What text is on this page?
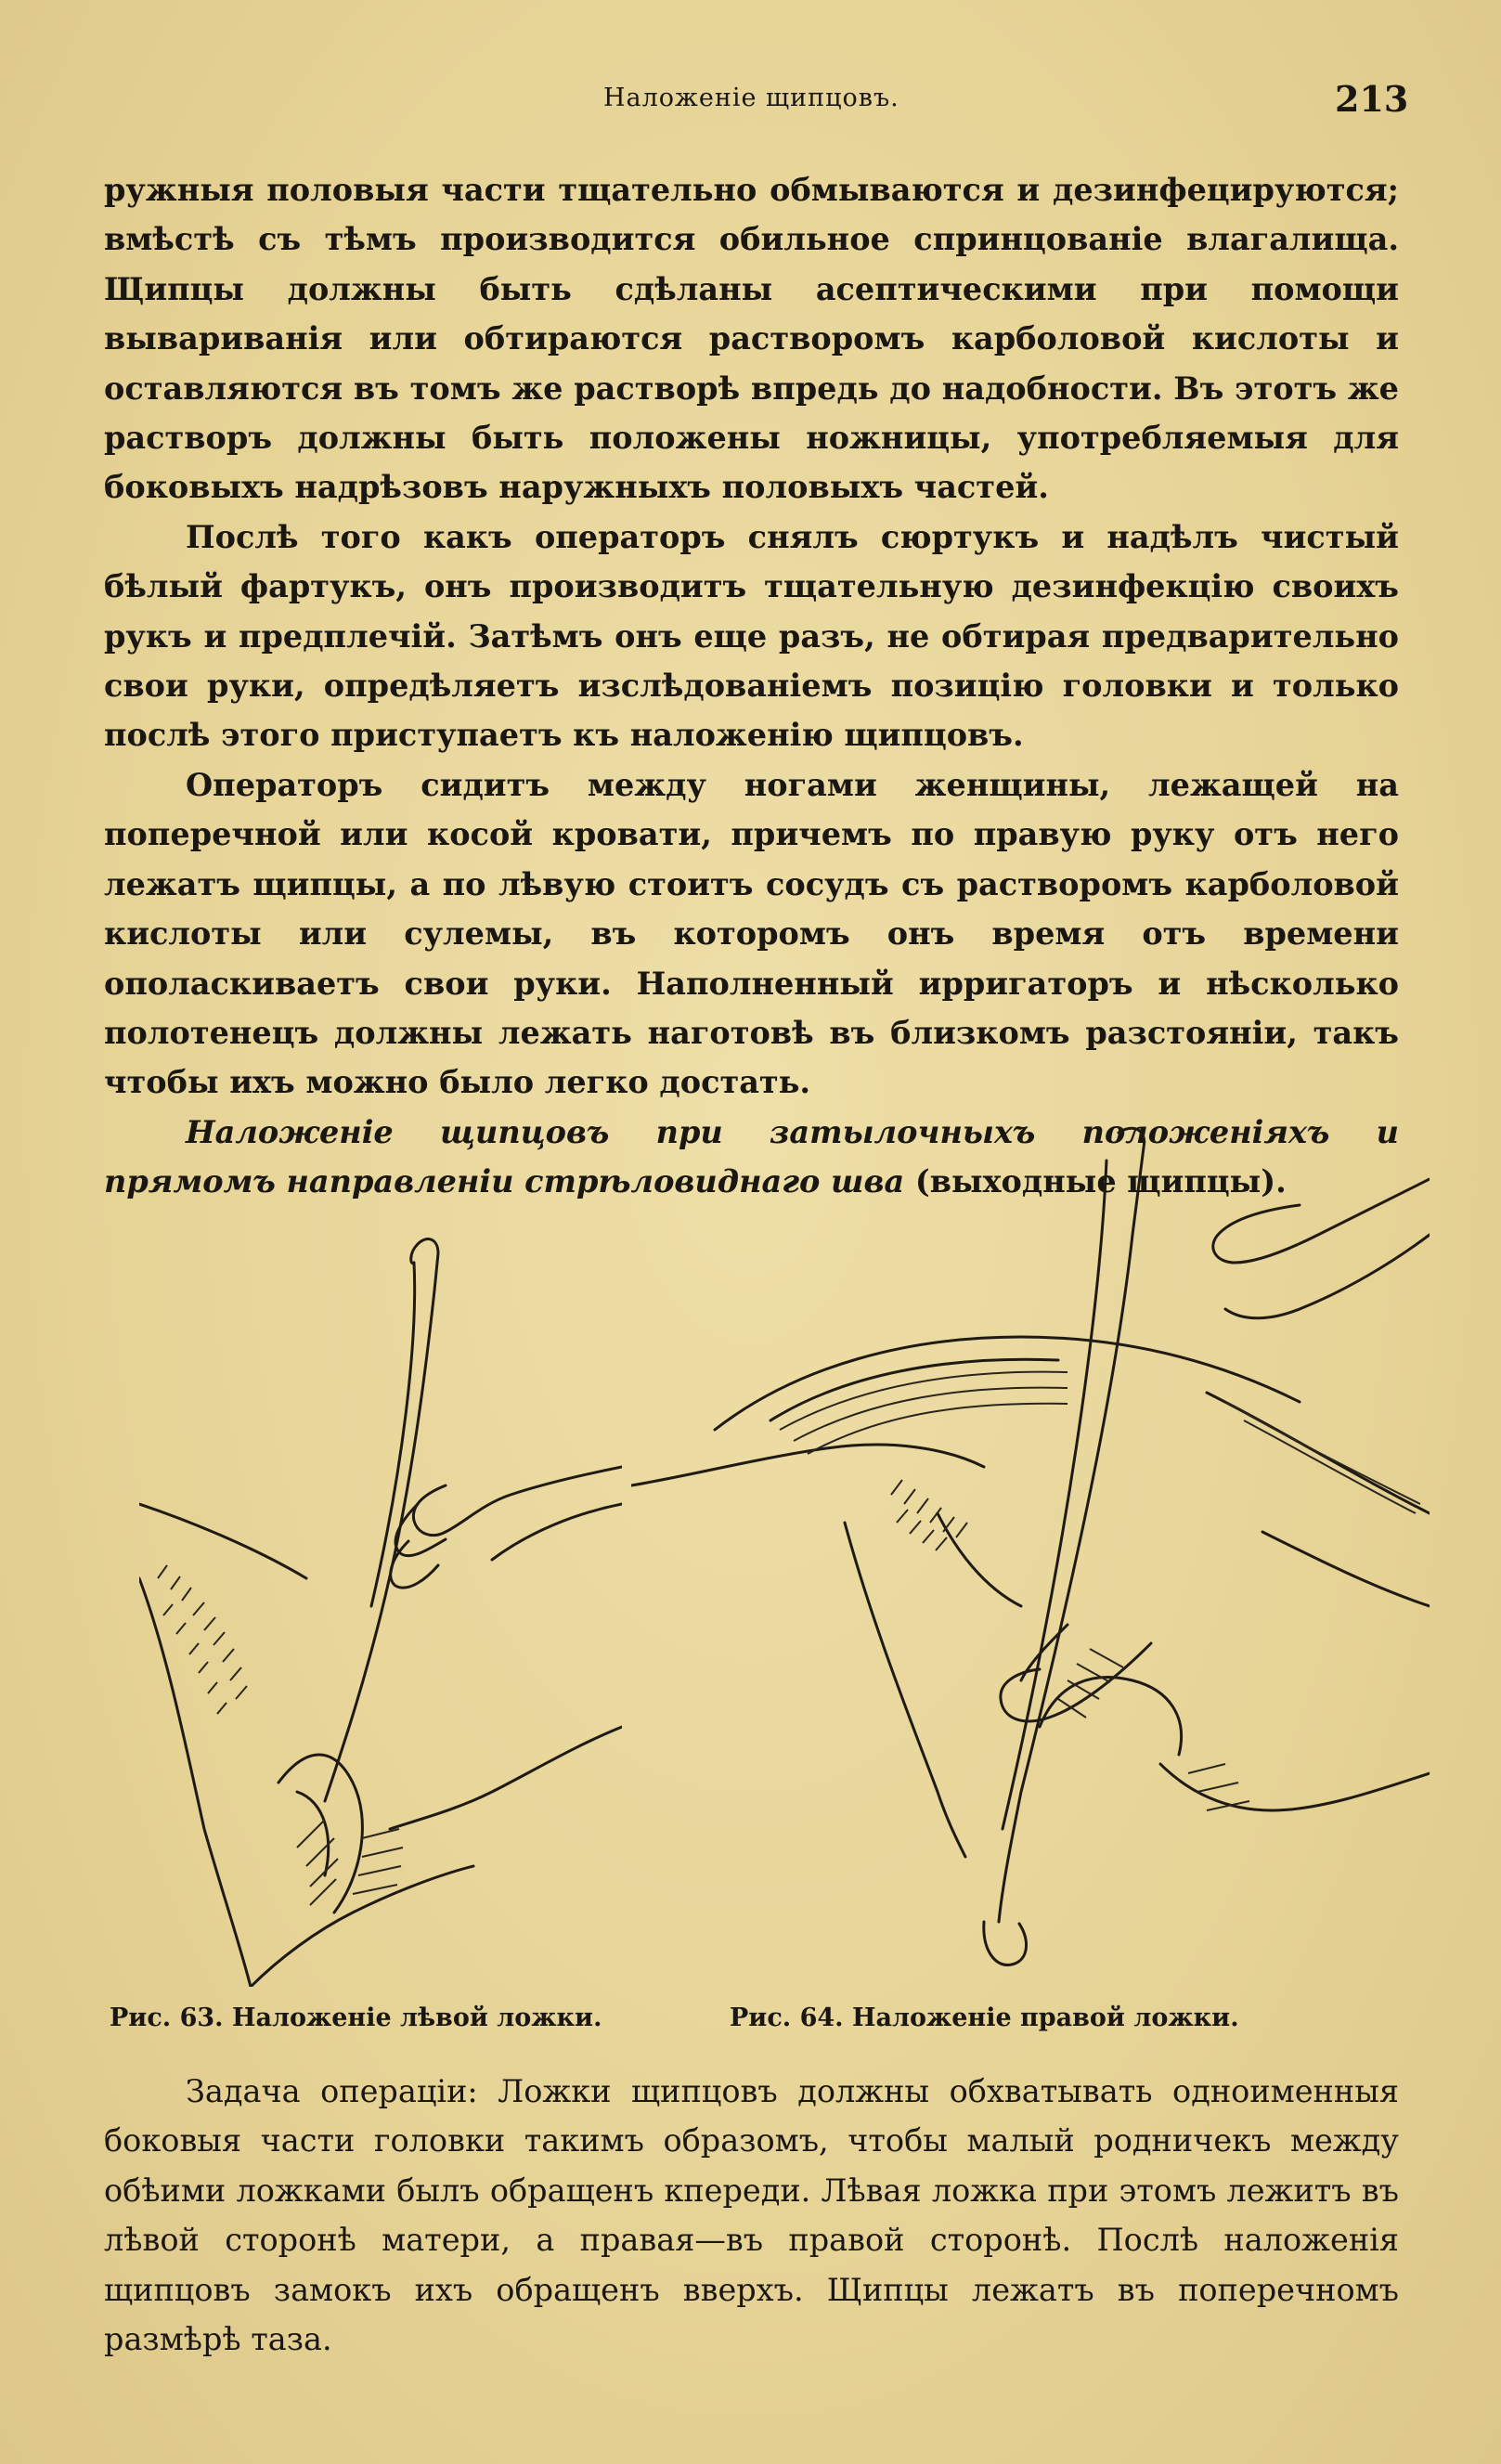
Наложеніе щипцовъ.	213

ружныя половыя части тщательно обмываются и дезинфецируются; вмѣстѣ съ тѣмъ производится обильное спринцованіе влагалища. Щипцы должны быть сдѣланы асептическими при помощи вывариванія или обтираются растворомъ карболовой кислоты и оставляются въ томъ же растворѣ впредь до надобности. Въ этотъ же растворъ должны быть положены ножницы, употребляемыя для боковыхъ надрѣзовъ наружныхъ половыхъ частей.

Послѣ того какъ операторъ снялъ сюртукъ и надѣлъ чистый бѣлый фартукъ, онъ производитъ тщательную дезинфекцію своихъ рукъ и предплечій. Затѣмъ онъ еще разъ, не обтирая предварительно свои руки, опредѣляетъ изслѣдованіемъ позицію головки и только послѣ этого приступаетъ къ наложенію щипцовъ.

Операторъ сидитъ между ногами женщины, лежащей на поперечной или косой кровати, причемъ по правую руку отъ него лежатъ щипцы, а по лѣвую стоитъ сосудъ съ растворомъ карболовой кислоты или сулемы, въ которомъ онъ время отъ времени ополаскиваетъ свои руки. Наполненный ирригаторъ и нѣсколько полотенецъ должны лежать наготовѣ въ близкомъ разстояніи, такъ чтобы ихъ можно было легко достать.

Наложеніе щипцовъ при затылочныхъ положеніяхъ и прямомъ направленіи стрѣловиднаго шва (выходные щипцы).

Рис. 63. Наложеніе лѣвой ложки.	Рис. 64. Наложеніе правой ложки.

Задача операціи: Ложки щипцовъ должны обхватывать одноименныя боковыя части головки такимъ образомъ, чтобы малый родничекъ между обѣими ложками былъ обращенъ кпереди. Лѣвая ложка при этомъ лежитъ въ лѣвой сторонѣ матери, а правая—въ правой сторонѣ. Послѣ наложенія щипцовъ замокъ ихъ обращенъ вверхъ. Щипцы лежатъ въ поперечномъ размѣрѣ таза.
